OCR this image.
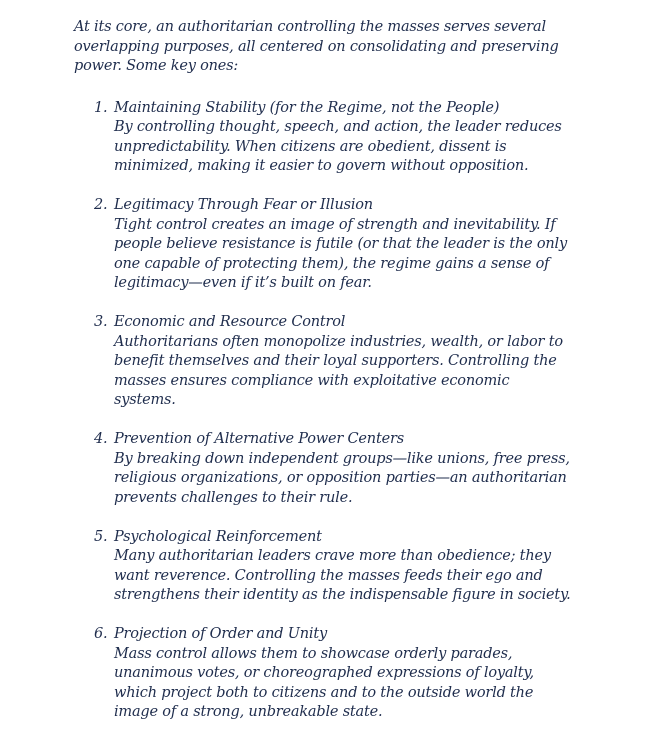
At its core, an authoritarian controlling the masses serves several overlapping purposes, all centered on consolidating and preserving power. Some key ones:

1. Maintaining Stability (for the Regime, not the People)
By controlling thought, speech, and action, the leader reduces unpredictability. When citizens are obedient, dissent is minimized, making it easier to govern without opposition.
2. Legitimacy Through Fear or Illusion
Tight control creates an image of strength and inevitability. If people believe resistance is futile (or that the leader is the only one capable of protecting them), the regime gains a sense of legitimacy—even if it’s built on fear.
3. Economic and Resource Control
Authoritarians often monopolize industries, wealth, or labor to benefit themselves and their loyal supporters. Controlling the masses ensures compliance with exploitative economic systems.
4. Prevention of Alternative Power Centers
By breaking down independent groups—like unions, free press, religious organizations, or opposition parties—an authoritarian prevents challenges to their rule.
5. Psychological Reinforcement
Many authoritarian leaders crave more than obedience; they want reverence. Controlling the masses feeds their ego and strengthens their identity as the indispensable figure in society.
6. Projection of Order and Unity
Mass control allows them to showcase orderly parades, unanimous votes, or choreographed expressions of loyalty, which project both to citizens and to the outside world the image of a strong, unbreakable state.
